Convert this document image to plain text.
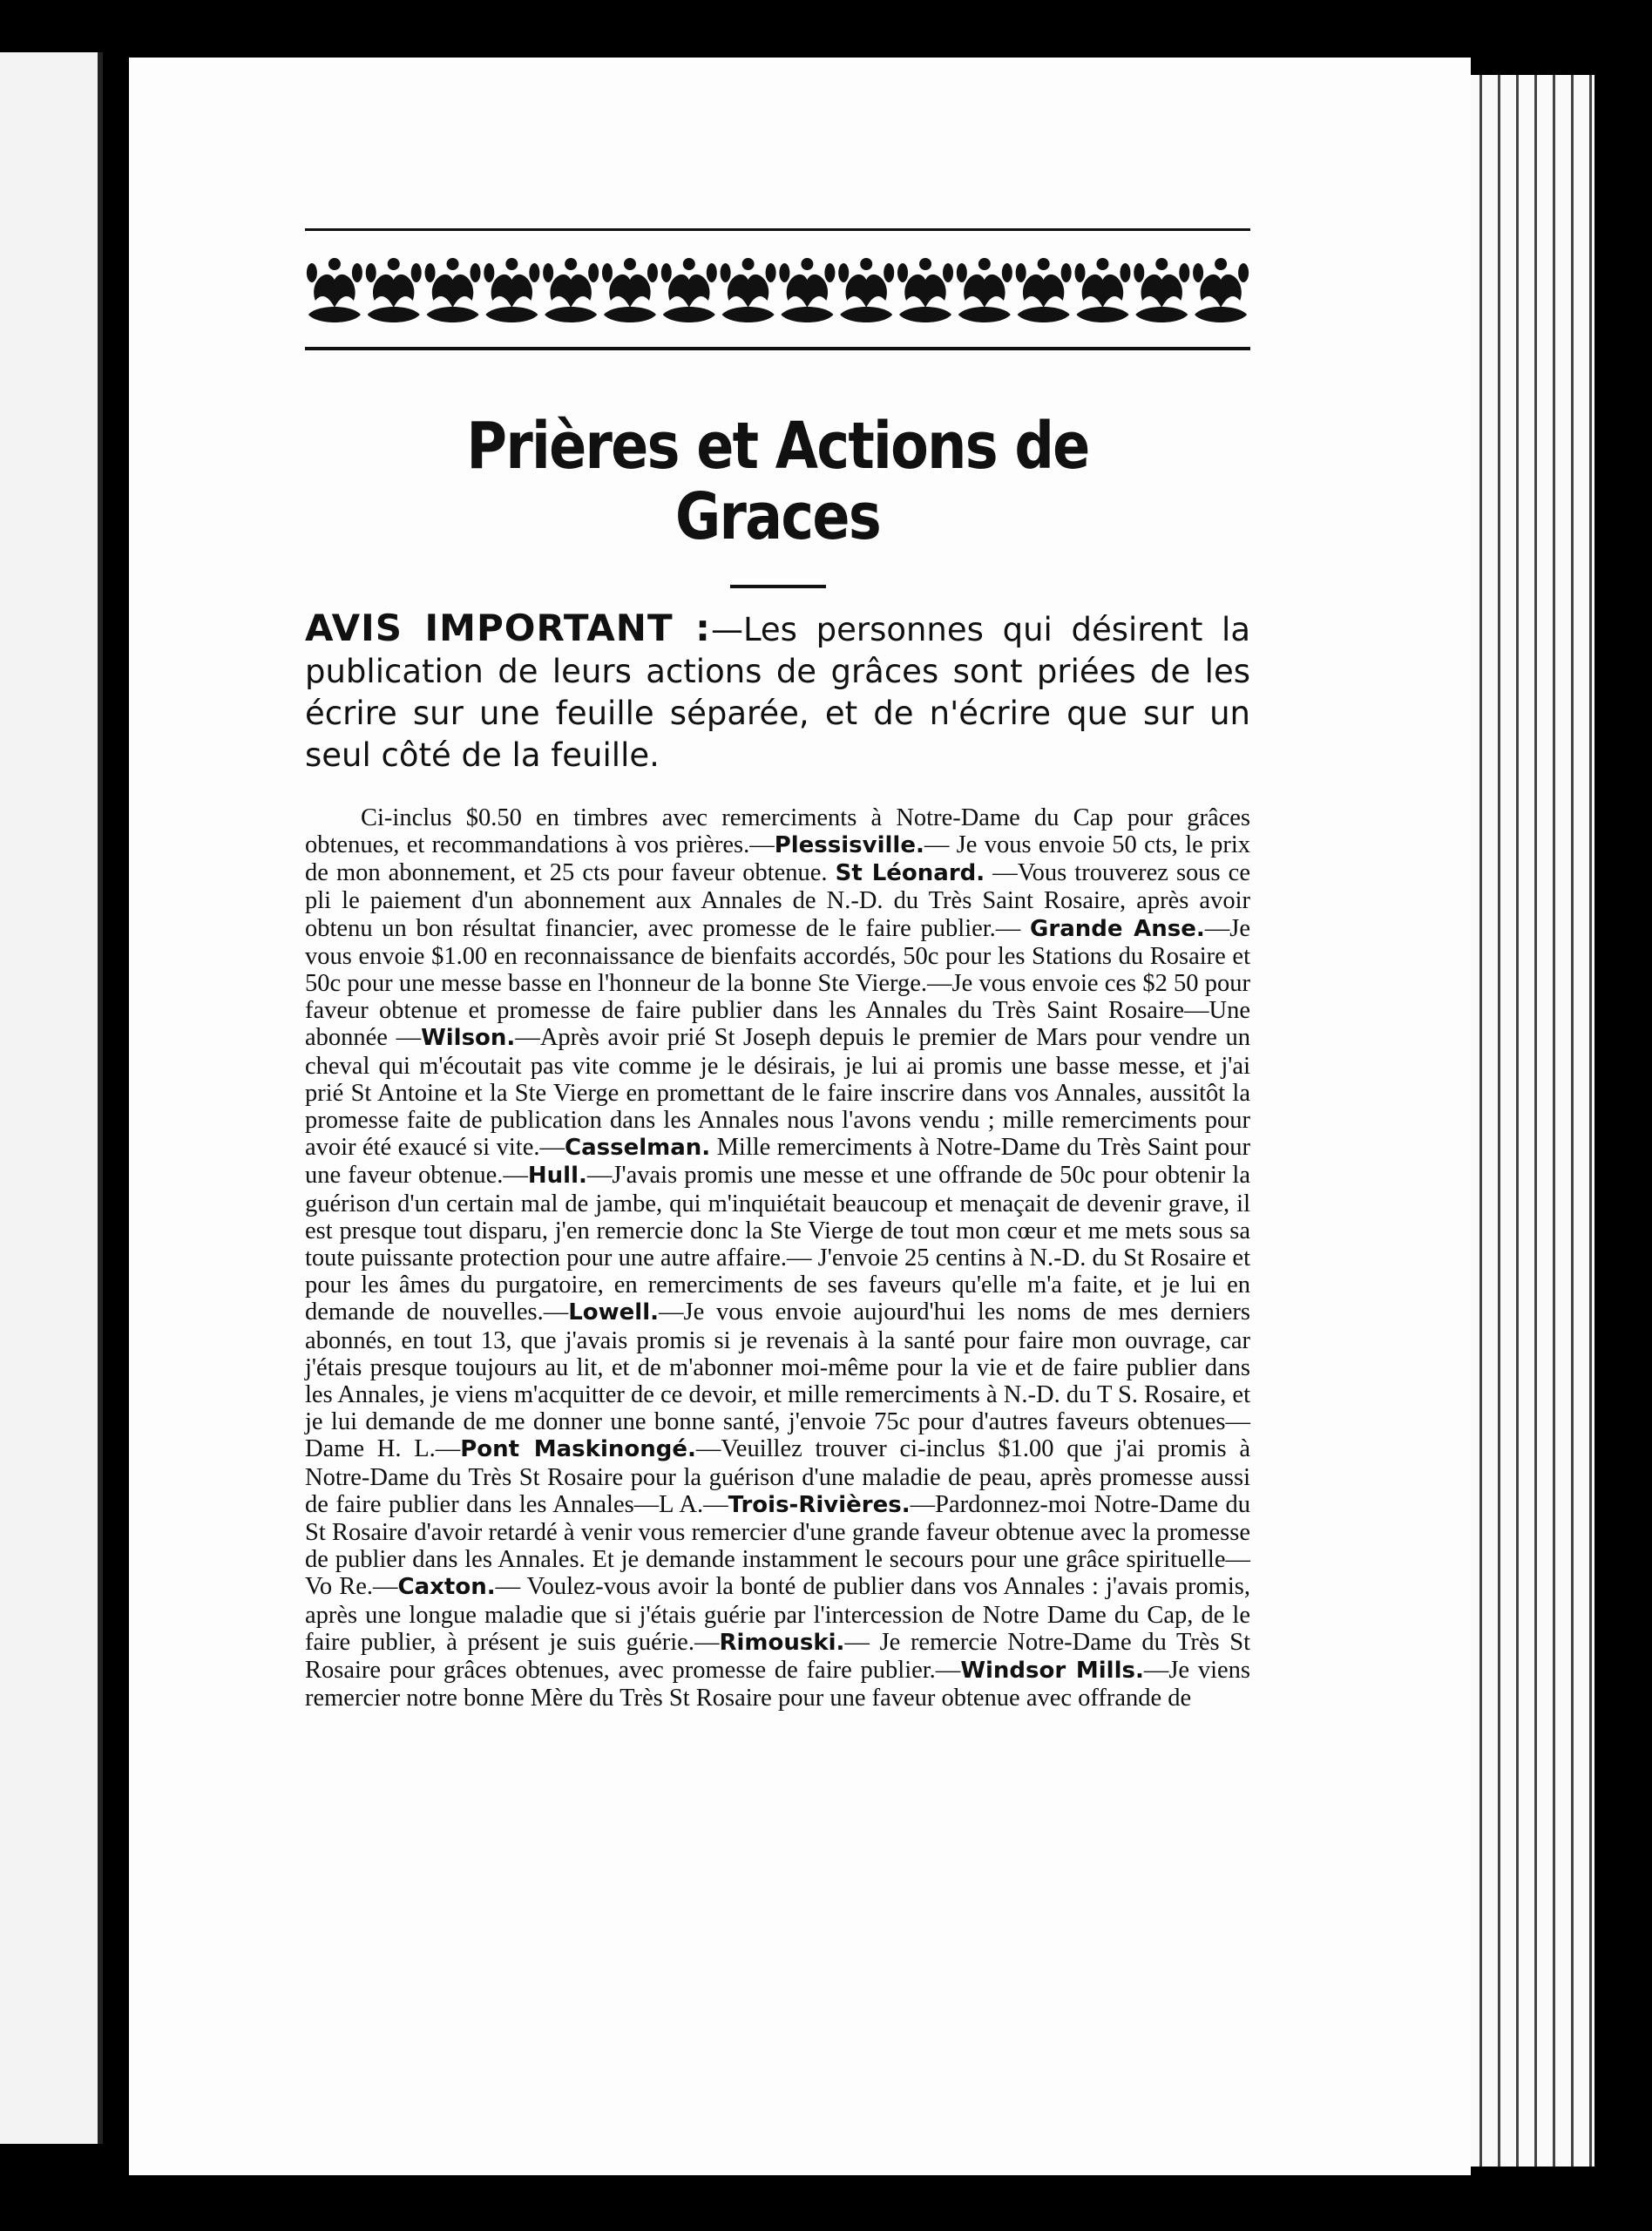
Prières et Actions de Graces

AVIS IMPORTANT :—Les personnes qui désirent la publication de leurs actions de grâces sont priées de les écrire sur une feuille séparée, et de n'écrire que sur un seul côté de la feuille.

Ci-inclus $0.50 en timbres avec remerciments à Notre-Dame du Cap pour grâces obtenues, et recommandations à vos prières.—Plessisville.— Je vous envoie 50 cts, le prix de mon abonnement, et 25 cts pour faveur obtenue. St Léonard. —Vous trouverez sous ce pli le paiement d'un abonnement aux Annales de N.-D. du Très Saint Rosaire, après avoir obtenu un bon résultat financier, avec promesse de le faire publier.— Grande Anse.—Je vous envoie $1.00 en reconnaissance de bienfaits accordés, 50c pour les Stations du Rosaire et 50c pour une messe basse en l'honneur de la bonne Ste Vierge.—Je vous envoie ces $2 50 pour faveur obtenue et promesse de faire publier dans les Annales du Très Saint Rosaire—Une abonnée —Wilson.—Après avoir prié St Joseph depuis le premier de Mars pour vendre un cheval qui m'écoutait pas vite comme je le désirais, je lui ai promis une basse messe, et j'ai prié St Antoine et la Ste Vierge en promettant de le faire inscrire dans vos Annales, aussitôt la promesse faite de publication dans les Annales nous l'avons vendu ; mille remerciments pour avoir été exaucé si vite.—Casselman. Mille remerciments à Notre-Dame du Très Saint pour une faveur obtenue.—Hull.—J'avais promis une messe et une offrande de 50c pour obtenir la guérison d'un certain mal de jambe, qui m'inquiétait beaucoup et menaçait de devenir grave, il est presque tout disparu, j'en remercie donc la Ste Vierge de tout mon cœur et me mets sous sa toute puissante protection pour une autre affaire.— J'envoie 25 centins à N.-D. du St Rosaire et pour les âmes du purgatoire, en remerciments de ses faveurs qu'elle m'a faite, et je lui en demande de nouvelles.—Lowell.—Je vous envoie aujourd'hui les noms de mes derniers abonnés, en tout 13, que j'avais promis si je revenais à la santé pour faire mon ouvrage, car j'étais presque toujours au lit, et de m'abonner moi-même pour la vie et de faire publier dans les Annales, je viens m'acquitter de ce devoir, et mille remerciments à N.-D. du T S. Rosaire, et je lui demande de me donner une bonne santé, j'envoie 75c pour d'autres faveurs obtenues—Dame H. L.—Pont Maskinongé.—Veuillez trouver ci-inclus $1.00 que j'ai promis à Notre-Dame du Très St Rosaire pour la guérison d'une maladie de peau, après promesse aussi de faire publier dans les Annales—L A.—Trois-Rivières.—Pardonnez-moi Notre-Dame du St Rosaire d'avoir retardé à venir vous remercier d'une grande faveur obtenue avec la promesse de publier dans les Annales. Et je demande instamment le secours pour une grâce spirituelle—Vo Re.—Caxton.— Voulez-vous avoir la bonté de publier dans vos Annales : j'avais promis, après une longue maladie que si j'étais guérie par l'intercession de Notre Dame du Cap, de le faire publier, à présent je suis guérie.—Rimouski.— Je remercie Notre-Dame du Très St Rosaire pour grâces obtenues, avec promesse de faire publier.—Windsor Mills.—Je viens remercier notre bonne Mère du Très St Rosaire pour une faveur obtenue avec offrande de
